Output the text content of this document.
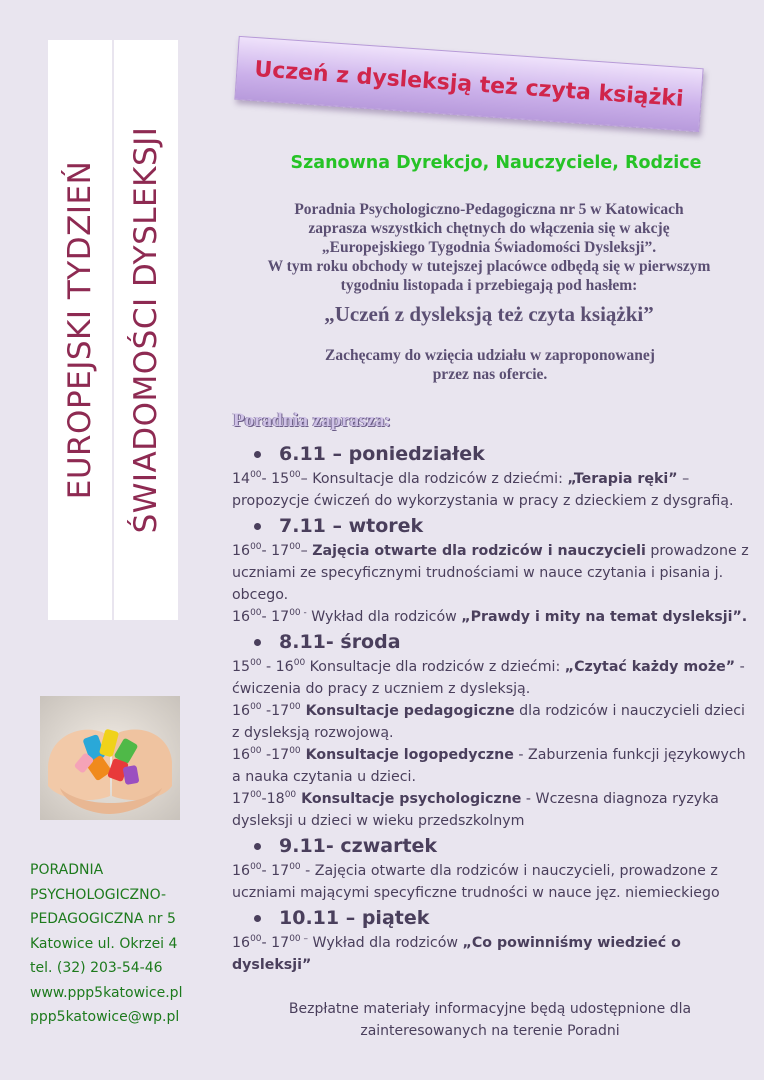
EUROPEJSKI TYDZIEŃ ŚWIADOMOŚCI DYSLEKSJI
Uczeń z dysleksją też czyta książki
Szanowna Dyrekcjo, Nauczyciele, Rodzice
Poradnia Psychologiczno-Pedagogiczna nr 5 w Katowicach
zaprasza wszystkich chętnych do włączenia się w akcję
„Europejskiego Tygodnia Świadomości Dysleksji”.
W tym roku obchody w tutejszej placówce odbędą się w pierwszym
tygodniu listopada i przebiegają pod hasłem:
„Uczeń z dysleksją też czyta książki”
Zachęcamy do wzięcia udziału w zaproponowanej
przez nas ofercie.
Poradnia zaprasza:
6.11 – poniedziałek
$14^{00}-$ $15^{00}-$ Konsultacje dla rodziców z dziećmi: „Terapia ręki” – propozycje ćwiczeń do wykorzystania w pracy z dzieckiem z dysgrafią.
7.11 – wtorek
$16^{00}-$ $17^{00}-$ Zajęcia otwarte dla rodziców i nauczycieli prowadzone z uczniami ze specyficznymi trudnościami w nauce czytania i pisania j. obcego.
$16^{00}-$ $17^{00 -}$ Wykład dla rodziców „Prawdy i mity na temat dysleksji”.
8.11- środa
$15^{00} - 16^{00}$ Konsultacje dla rodziców z dziećmi: „Czytać każdy może” - ćwiczenia do pracy z uczniem z dysleksją.
$16^{00}$ $-17^{00}$ Konsultacje pedagogiczne dla rodziców i nauczycieli dzieci z dysleksją rozwojową.
$16^{00}$ $-17^{00}$ Konsultacje logopedyczne - Zaburzenia funkcji językowych a nauka czytania u dzieci.
$17^{00}-18^{00}$ Konsultacje psychologiczne - Wczesna diagnoza ryzyka dysleksji u dzieci w wieku przedszkolnym
9.11- czwartek
$16^{00}-$ $17^{00}$ - Zajęcia otwarte dla rodziców i nauczycieli, prowadzone z uczniami mającymi specyficzne trudności w nauce jęz. niemieckiego
10.11 – piątek
$16^{00}-$ $17^{00 -}$ Wykład dla rodziców „Co powinniśmy wiedzieć o dysleksji”
PORADNIA
PSYCHOLOGICZNO-
PEDAGOGICZNA nr 5
Katowice ul. Okrzei 4
tel. (32) 203-54-46
www.ppp5katowice.pl
ppp5katowice@wp.pl	Bezpłatne materiały informacyjne będą udostępnione dla
zainteresowanych na terenie Poradni
